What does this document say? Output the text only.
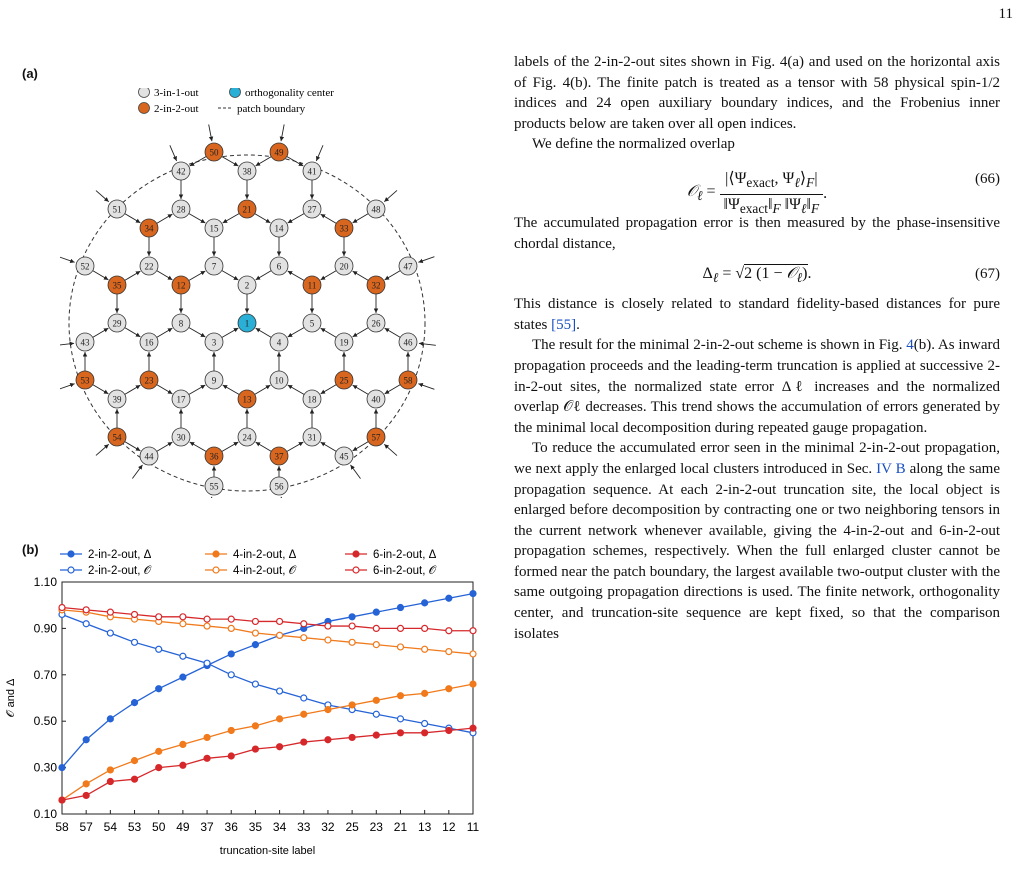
11
(a)
3-in-1-out	orthogonality center
2-in-2-out	patch boundary
50	49
42	38	41
51	28	21	27	48
34	15	14	33
52	22	7	6	20	47
35	12	2	11	32
29	8	1	5	26
43	16	3	4	19	46
53	23	9	10	25	58
39	17	13	18	40
54	30	24	31	57
44	36	37	45
55	56
(b)	2-in-2-out, Δ
2-in-2-out, 𝒪
4-in-2-out, Δ
4-in-2-out, 𝒪
6-in-2-out, Δ
6-in-2-out, 𝒪
0.10
0.30
0.50
0.70
0.90
1.10
58 57 54 53 50 49 37 36 35 34 33 32 25 23 21 13 12 11
truncation-site label
𝒪 and Δ

labels of the 2-in-2-out sites shown in Fig. 4(a) and used on the horizontal axis of Fig. 4(b). The finite patch is treated as a tensor with 58 physical spin-1/2 indices and 24 open auxiliary boundary indices, and the Frobenius inner products below are taken over all open indices.

We define the normalized overlap

𝒪$_\ell$ =
$|⟨\Psi_{exact}$, $\Psi_\ell⟩_F|$
$‖\Psi_{exact}‖_F$ $‖\Psi_\ell‖_F$
.
(66)

The accumulated propagation error is then measured by the phase-insensitive chordal distance,

$\Delta_\ell = √2$ (1 − 𝒪$_\ell$).	(67)

This distance is closely related to standard fidelity-based distances for pure states [55].

The result for the minimal 2-in-2-out scheme is shown in Fig. 4(b). As inward propagation proceeds and the leading-term truncation is applied at successive 2-in-2-out sites, the normalized state error Δℓ increases and the normalized overlap 𝒪ℓ decreases. This trend shows the accumulation of errors generated by the minimal local decomposition during repeated gauge propagation.

To reduce the accumulated error seen in the minimal 2-in-2-out propagation, we next apply the enlarged local clusters introduced in Sec. IV B along the same propagation sequence. At each 2-in-2-out truncation site, the local object is enlarged before decomposition by contracting one or two neighboring tensors in the current network whenever available, giving the 4-in-2-out and 6-in-2-out propagation schemes, respectively. When the full enlarged cluster cannot be formed near the patch boundary, the largest available two-output cluster with the same outgoing propagation directions is used. The finite network, orthogonality center, and truncation-site sequence are kept fixed, so that the comparison isolates
